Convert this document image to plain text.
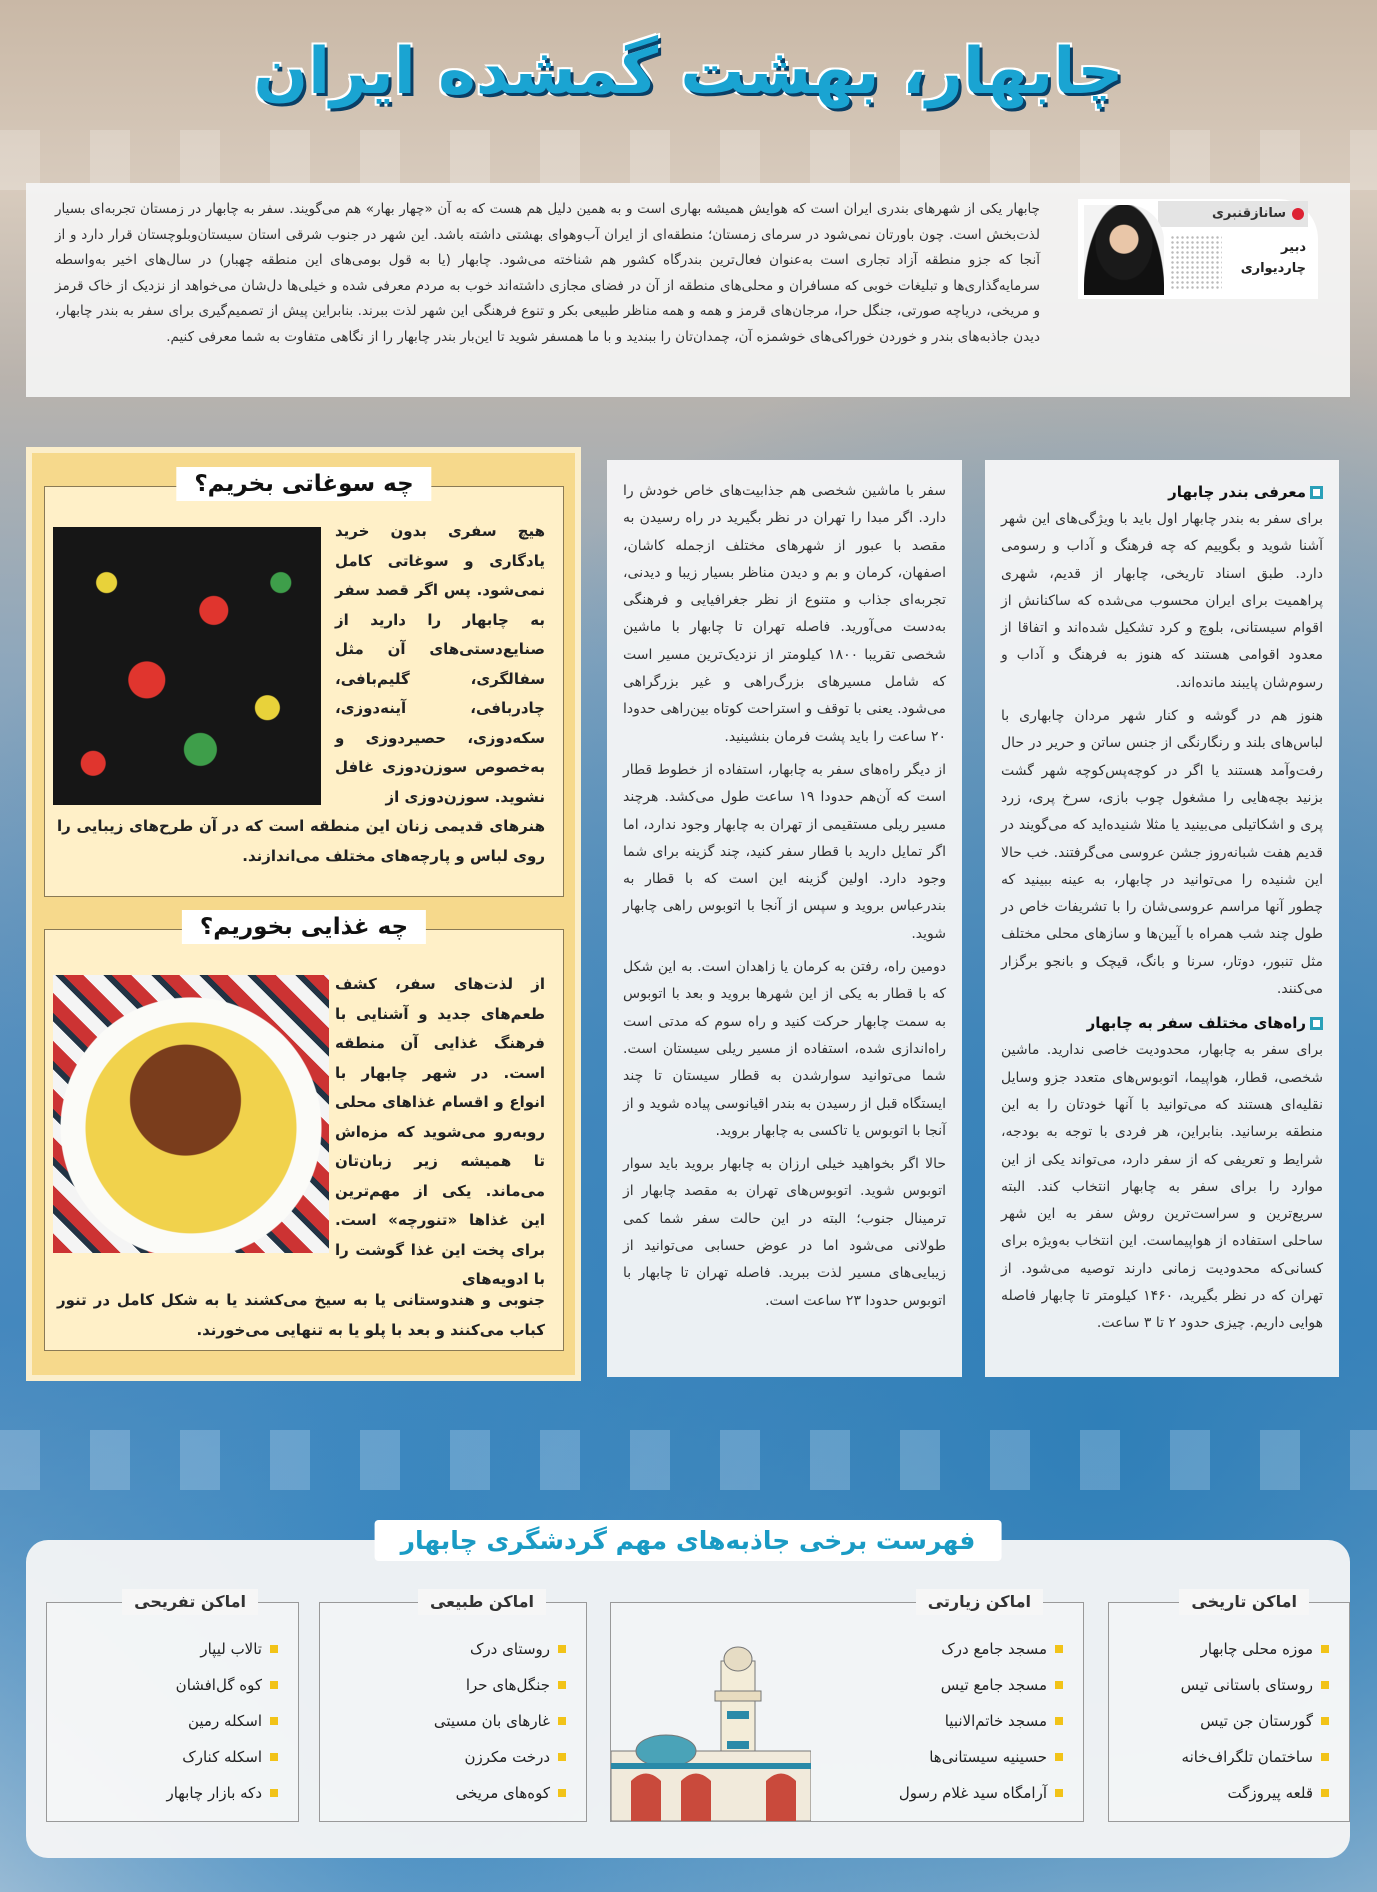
چابهار، بهشت گمشده ایران
سانازقنبری
دبیر
چاردیواری
چابهار یکی از شهرهای بندری ایران است که هوایش همیشه بهاری است و به همین دلیل هم هست که به آن «چهار بهار» هم می‌گویند. سفر به چابهار در زمستان تجربه‌ای بسیار لذت‌بخش است. چون باورتان نمی‌شود در سرمای زمستان؛ منطقه‌ای از ایران آب‌وهوای بهشتی داشته باشد. این شهر در جنوب شرقی استان سیستان‌وبلوچستان قرار دارد و از آنجا که جزو منطقه آزاد تجاری است به‌عنوان فعال‌ترین بندرگاه کشور هم شناخته می‌شود. چابهار (یا به قول بومی‌های این منطقه چهبار) در سال‌های اخیر به‌واسطه سرمایه‌گذاری‌ها و تبلیغات خوبی که مسافران و محلی‌های منطقه از آن در فضای مجازی داشته‌اند خوب به مردم معرفی شده و خیلی‌ها دل‌شان می‌خواهد از نزدیک از خاک قرمز و مریخی، دریاچه صورتی، جنگل حرا، مرجان‌های قرمز و همه و همه مناظر طبیعی بکر و تنوع فرهنگی این شهر لذت ببرند. بنابراین پیش از تصمیم‌گیری برای سفر به بندر چابهار، دیدن جاذبه‌های بندر و خوردن خوراکی‌های خوشمزه آن، چمدان‌تان را ببندید و با ما همسفر شوید تا این‌بار بندر چابهار را از نگاهی متفاوت به شما معرفی کنیم.
معرفی بندر چابهار

برای سفر به بندر چابهار اول باید با ویژگی‌های این شهر آشنا شوید و بگوییم که چه فرهنگ و آداب و رسومی دارد. طبق اسناد تاریخی، چابهار از قدیم، شهری پراهمیت برای ایران محسوب می‌شده که ساکنانش از اقوام سیستانی، بلوچ و کرد تشکیل شده‌اند و اتفاقا از معدود اقوامی هستند که هنوز به فرهنگ و آداب و رسوم‌شان پایبند مانده‌اند.

هنوز هم در گوشه و کنار شهر مردان چابهاری با لباس‌های بلند و رنگارنگی از جنس ساتن و حریر در حال رفت‌وآمد هستند یا اگر در کوچه‌پس‌کوچه‌ شهر گشت بزنید بچه‌هایی را مشغول چوب بازی، سرخ پری، زرد پری و اشکاتیلی می‌بینید یا مثلا شنیده‌اید که می‌گویند در قدیم هفت شبانه‌روز جشن عروسی می‌گرفتند. خب حالا این شنیده را می‌توانید در چابهار، به عینه ببینید که چطور آنها مراسم عروسی‌شان را با تشریفات خاص در طول چند شب همراه با آیین‌ها و سازهای محلی مختلف مثل تنبور، دوتار، سرنا و بانگ، قیچک و بانجو برگزار می‌کنند.

راه‌های مختلف سفر به چابهار

برای سفر به چابهار، محدودیت خاصی ندارید. ماشین شخصی، قطار، هواپیما، اتوبوس‌های متعدد جزو وسایل نقلیه‌ای هستند که می‌توانید با آنها خودتان را به این منطقه برسانید. بنابراین، هر فردی با توجه به بودجه، شرایط و تعریفی که از سفر دارد، می‌تواند یکی از این موارد را برای سفر به چابهار انتخاب کند. البته سریع‌ترین و سراست‌ترین روش سفر به این شهر ساحلی استفاده از هواپیماست. این انتخاب به‌ویژه برای کسانی‌که محدودیت زمانی دارند توصیه می‌شود. از تهران که در نظر بگیرید، ۱۴۶۰ کیلومتر تا چابهار فاصله هوایی داریم. چیزی حدود ۲ تا ۳ ساعت.

سفر با ماشین شخصی هم جذابیت‌های خاص خودش را دارد. اگر مبدا را تهران در نظر بگیرید در راه رسیدن به مقصد با عبور از شهرهای مختلف ازجمله کاشان، اصفهان، کرمان و بم و دیدن مناظر بسیار زیبا و دیدنی، تجربه‌ای جذاب و متنوع از نظر جغرافیایی و فرهنگی به‌دست می‌آورید. فاصله تهران تا چابهار با ماشین شخصی تقریبا ۱۸۰۰ کیلومتر از نزدیک‌ترین مسیر است که شامل مسیرهای بزرگ‌راهی و غیر بزرگراهی می‌شود. یعنی با توقف و استراحت کوتاه بین‌راهی حدودا ۲۰ ساعت را باید پشت فرمان بنشینید.

از دیگر راه‌های سفر به چابهار، استفاده از خطوط قطار است که آن‌هم حدودا ۱۹ ساعت طول می‌کشد. هرچند مسیر ریلی مستقیمی از تهران به چابهار وجود ندارد، اما اگر تمایل دارید با قطار سفر کنید، چند گزینه برای شما وجود دارد. اولین گزینه این است که با قطار به بندرعباس بروید و سپس از آنجا با اتوبوس راهی چابهار شوید.

دومین راه، رفتن به کرمان یا زاهدان است. به این شکل که با قطار به یکی از این شهرها بروید و بعد با اتوبوس به سمت چابهار حرکت کنید و راه سوم که مدتی است راه‌اندازی شده، استفاده از مسیر ریلی سیستان است. شما می‌توانید سوارشدن به قطار سیستان تا چند ایستگاه قبل از رسیدن به بندر اقیانوسی پیاده شوید و از آنجا با اتوبوس یا تاکسی به چابهار بروید.

حالا اگر بخواهید خیلی ارزان به چابهار بروید باید سوار اتوبوس شوید. اتوبوس‌های تهران به مقصد چابهار از ترمینال جنوب؛ البته در این حالت سفر شما کمی طولانی می‌شود اما در عوض حسابی می‌توانید از زیبایی‌های مسیر لذت ببرید. فاصله تهران تا چابهار با اتوبوس حدودا ۲۳ ساعت است.

چه سوغاتی بخریم؟
هیچ سفری بدون خرید یادگاری و سوغاتی کامل نمی‌شود. پس اگر قصد سفر به چابهار را دارید از صنایع‌دستی‌های آن مثل سفالگری، گلیم‌بافی، چادربافی، آینه‌دوزی، سکه‌دوزی، حصیردوزی و به‌خصوص سوزن‌دوزی غافل نشوید. سوزن‌دوزی از
هنرهای قدیمی زنان این منطقه است که در آن طرح‌های زیبایی را روی لباس و پارچه‌های مختلف می‌اندازند.
چه غذایی بخوریم؟
از لذت‌های سفر، کشف طعم‌های جدید و آشنایی با فرهنگ غذایی آن منطقه است. در شهر چابهار با انواع و اقسام غذاهای محلی روبه‌رو می‌شوید که مزه‌اش تا همیشه زیر زبان‌تان می‌ماند. یکی از مهم‌ترین این غذاها «تنورچه» است. برای پخت این غذا گوشت را با ادویه‌های
جنوبی و هندوستانی یا به سیخ می‌کشند یا به شکل کامل در تنور کباب می‌کنند و بعد با پلو یا به تنهایی می‌خورند.
فهرست برخی جاذبه‌های مهم گردشگری چابهار
اماکن تاریخی
موزه محلی چابهار
روستای باستانی تیس
گورستان جن تیس
ساختمان تلگراف‌خانه
قلعه پیروزگت
اماکن زیارتی
مسجد جامع درک
مسجد جامع تیس
مسجد خاتم‌الانبیا
حسینیه سیستانی‌ها
آرامگاه سید غلام رسول
اماکن طبیعی
روستای درک
جنگل‌های حرا
غارهای بان مسیتی
درخت مکرزن
کوه‌های مریخی
اماکن تفریحی
تالاب لیپار
کوه گل‌افشان
اسکله رمین
اسکله کنارک
دکه بازار چابهار
